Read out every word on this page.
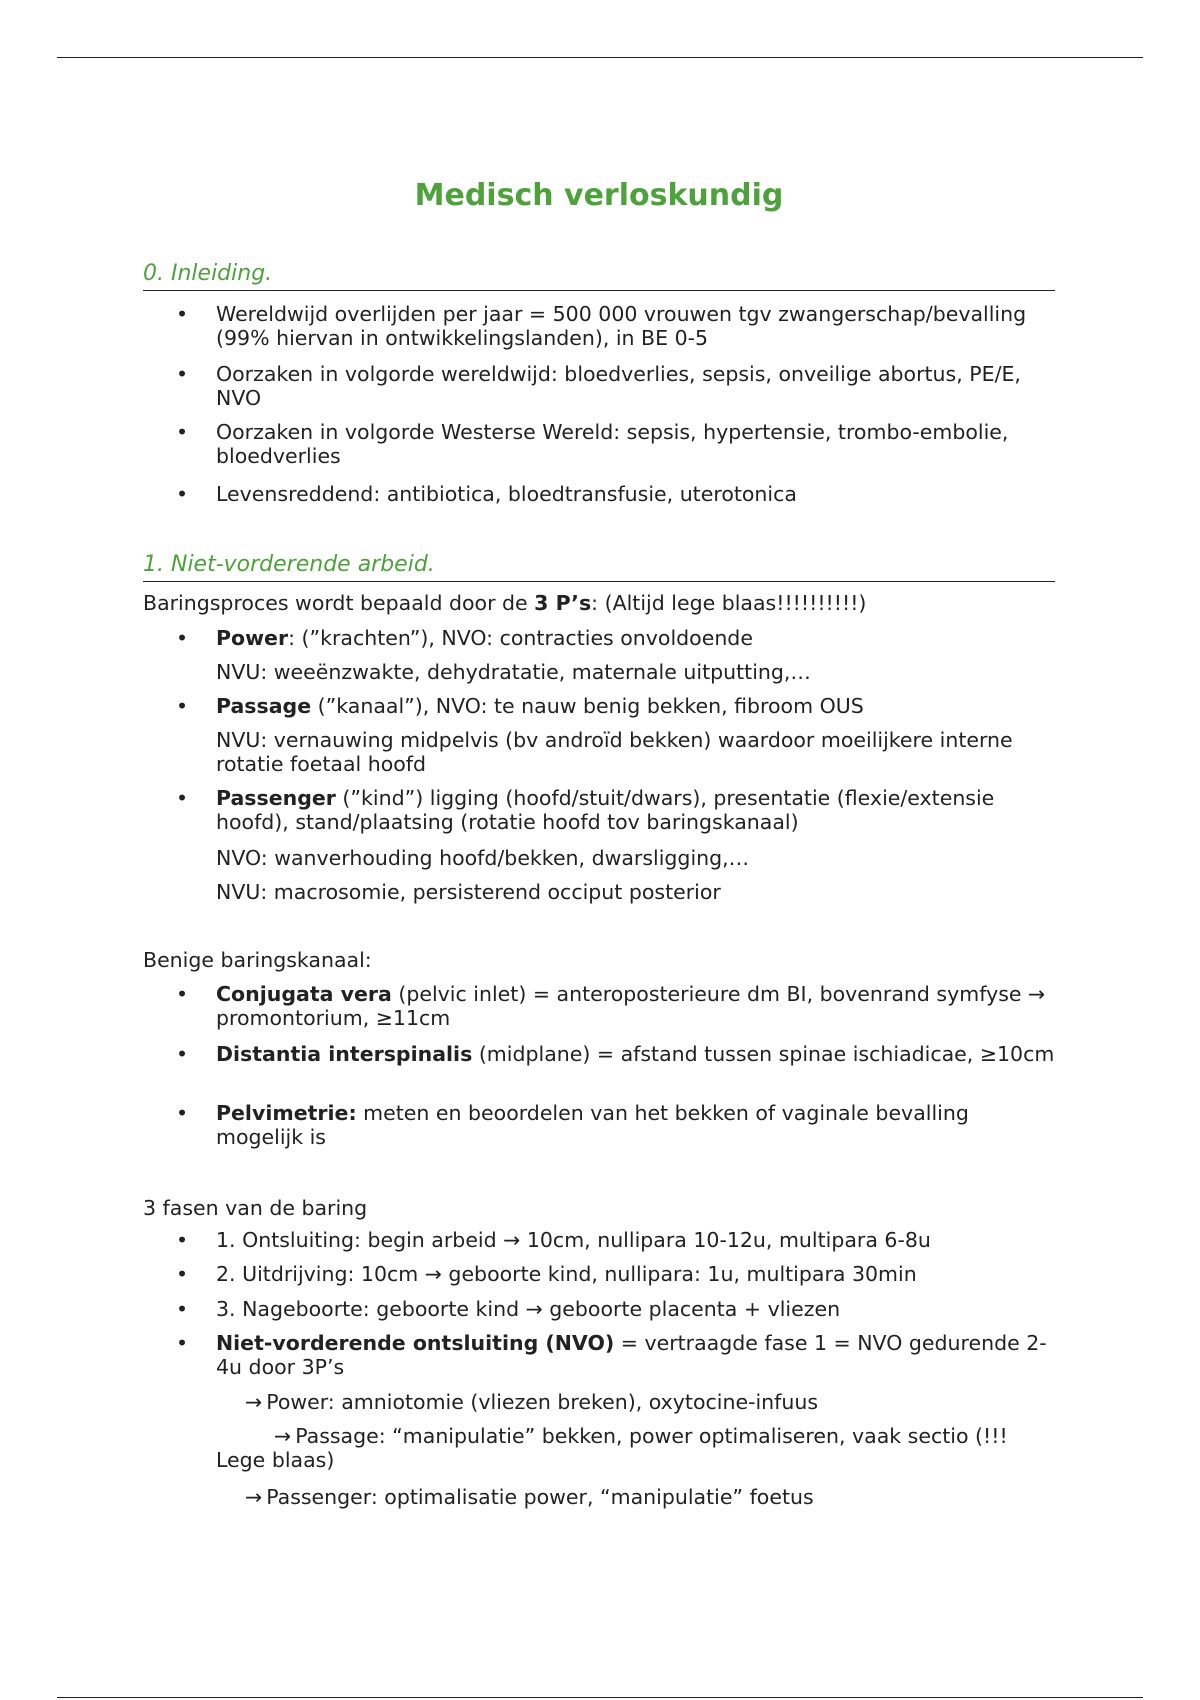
Medisch verloskundig
0. Inleiding.
• Wereldwijd overlijden per jaar = 500 000 vrouwen tgv zwangerschap/bevalling (99% hiervan in ontwikkelingslanden), in BE 0-5
• Oorzaken in volgorde wereldwijd: bloedverlies, sepsis, onveilige abortus, PE/E, NVO
• Oorzaken in volgorde Westerse Wereld: sepsis, hypertensie, trombo-embolie, bloedverlies
• Levensreddend: antibiotica, bloedtransfusie, uterotonica
1. Niet-vorderende arbeid.
Baringsproces wordt bepaald door de 3 P’s: (Altijd lege blaas!!!!!!!!!!)
• Power: (”krachten”), NVO: contracties onvoldoende
NVU: weeënzwakte, dehydratatie, maternale uitputting,…
• Passage (”kanaal”), NVO: te nauw benig bekken, fibroom OUS
NVU: vernauwing midpelvis (bv androïd bekken) waardoor moeilijkere interne rotatie foetaal hoofd
• Passenger (”kind”) ligging (hoofd/stuit/dwars), presentatie (flexie/extensie hoofd), stand/plaatsing (rotatie hoofd tov baringskanaal)
NVO: wanverhouding hoofd/bekken, dwarsligging,…
NVU: macrosomie, persisterend occiput posterior
Benige baringskanaal:
• Conjugata vera (pelvic inlet) = anteroposterieure dm BI, bovenrand symfyse → promontorium, ≥11cm
• Distantia interspinalis (midplane) = afstand tussen spinae ischiadicae, ≥10cm
• Pelvimetrie: meten en beoordelen van het bekken of vaginale bevalling mogelijk is
3 fasen van de baring
• 1. Ontsluiting: begin arbeid → 10cm, nullipara 10-12u, multipara 6-8u
• 2. Uitdrijving: 10cm → geboorte kind, nullipara: 1u, multipara 30min
• 3. Nageboorte: geboorte kind → geboorte placenta + vliezen
• Niet-vorderende ontsluiting (NVO) = vertraagde fase 1 = NVO gedurende 2-4u door 3P’s
→ Power: amniotomie (vliezen breken), oxytocine-infuus
→ Passage: “manipulatie” bekken, power optimaliseren, vaak sectio (!!! Lege blaas)
→ Passenger: optimalisatie power, “manipulatie” foetus
